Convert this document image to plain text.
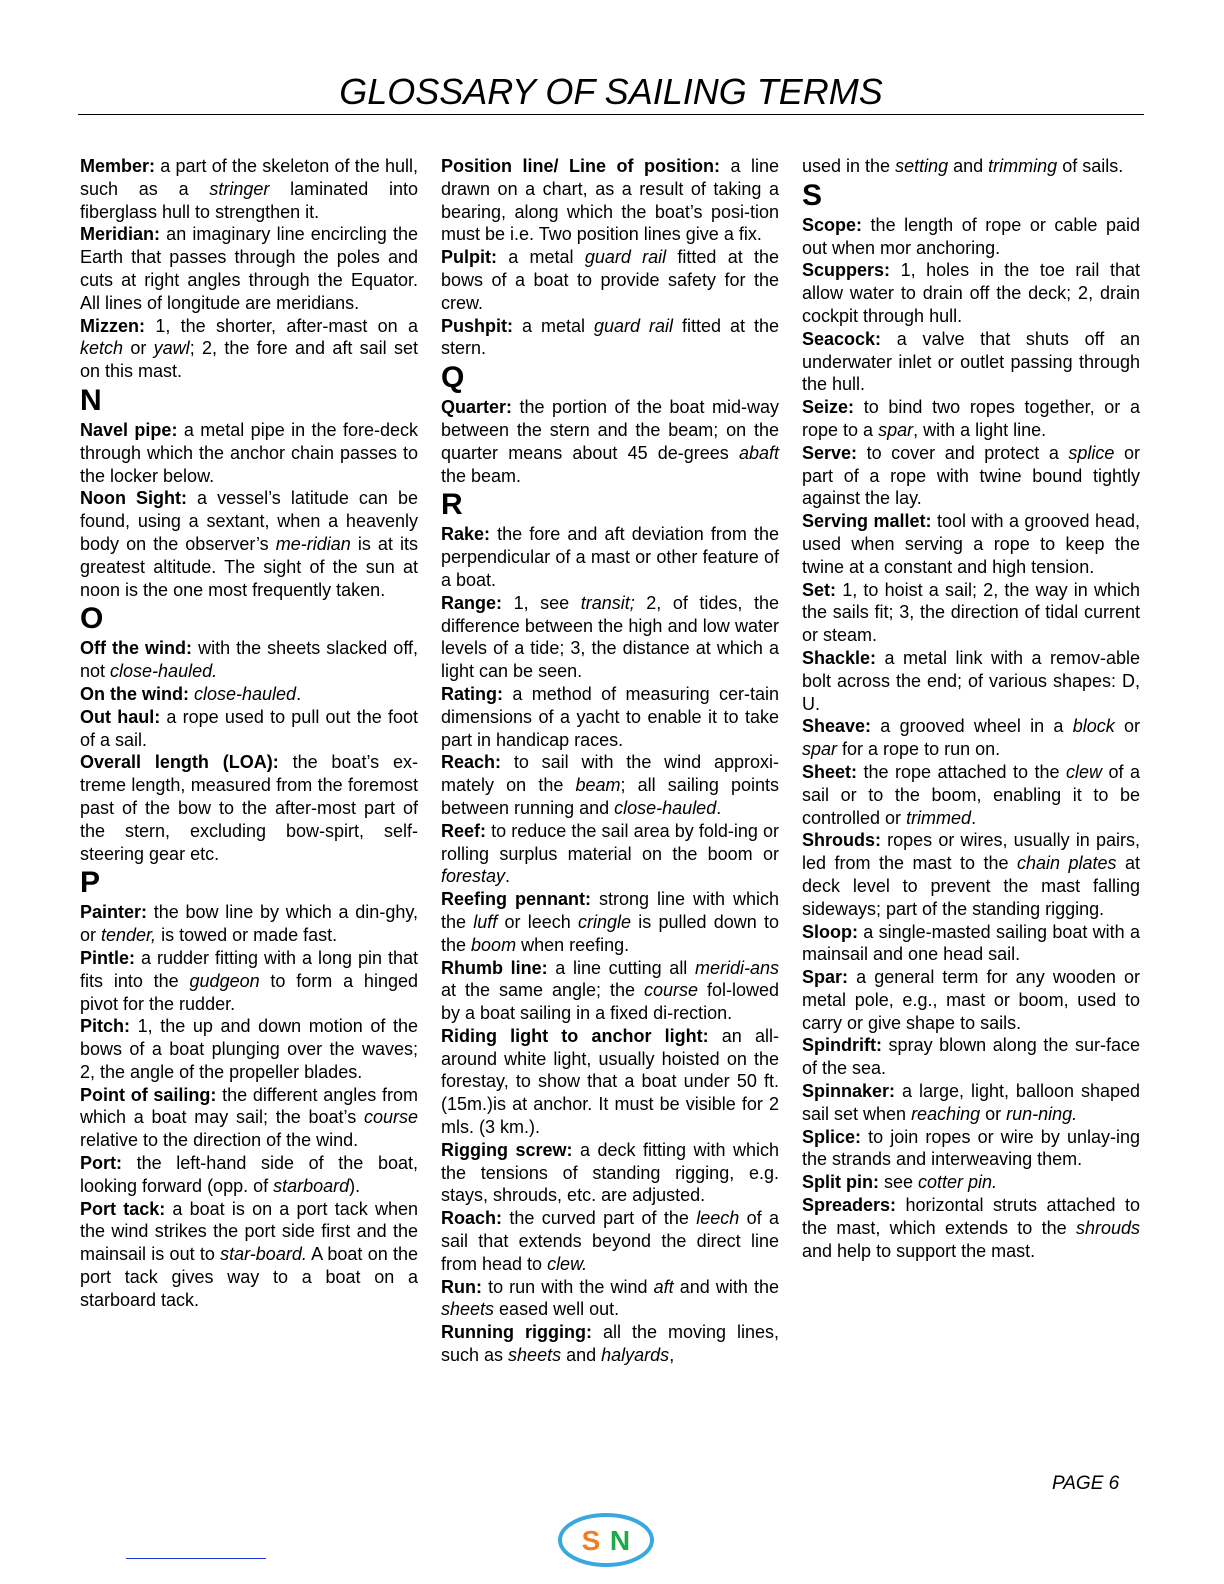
GLOSSARY OF SAILING TERMS

Member: a part of the skeleton of the hull, such as a stringer laminated into fiberglass hull to strengthen it.

Meridian: an imaginary line encircling the Earth that passes through the poles and cuts at right angles through the Equator. All lines of longitude are meridians.

Mizzen: 1, the shorter, after-mast on a ketch or yawl; 2, the fore and aft sail set on this mast.

N

Navel pipe: a metal pipe in the fore-deck through which the anchor chain passes to the locker below.

Noon Sight: a vessel’s latitude can be found, using a sextant, when a heavenly body on the observer’s me-ridian is at its greatest altitude. The sight of the sun at noon is the one most frequently taken.

O

Off the wind: with the sheets slacked off, not close-hauled.

On the wind: close-hauled.

Out haul: a rope used to pull out the foot of a sail.

Overall length (LOA): the boat’s ex-treme length, measured from the foremost past of the bow to the after-most part of the stern, excluding bow-spirt, self-steering gear etc.

P

Painter: the bow line by which a din-ghy, or tender, is towed or made fast.

Pintle: a rudder fitting with a long pin that fits into the gudgeon to form a hinged pivot for the rudder.

Pitch: 1, the up and down motion of the bows of a boat plunging over the waves; 2, the angle of the propeller blades.

Point of sailing: the different angles from which a boat may sail; the boat’s course relative to the direction of the wind.

Port: the left-hand side of the boat, looking forward (opp. of starboard).

Port tack: a boat is on a port tack when the wind strikes the port side first and the mainsail is out to star-board. A boat on the port tack gives way to a boat on a starboard tack.

Position line/ Line of position: a line drawn on a chart, as a result of taking a bearing, along which the boat’s posi-tion must be i.e. Two position lines give a fix.

Pulpit: a metal guard rail fitted at the bows of a boat to provide safety for the crew.

Pushpit: a metal guard rail fitted at the stern.

Q

Quarter: the portion of the boat mid-way between the stern and the beam; on the quarter means about 45 de-grees abaft the beam.

R

Rake: the fore and aft deviation from the perpendicular of a mast or other feature of a boat.

Range: 1, see transit; 2, of tides, the difference between the high and low water levels of a tide; 3, the distance at which a light can be seen.

Rating: a method of measuring cer-tain dimensions of a yacht to enable it to take part in handicap races.

Reach: to sail with the wind approxi-mately on the beam; all sailing points between running and close-hauled.

Reef: to reduce the sail area by fold-ing or rolling surplus material on the boom or forestay.

Reefing pennant: strong line with which the luff or leech cringle is pulled down to the boom when reefing.

Rhumb line: a line cutting all meridi-ans at the same angle; the course fol-lowed by a boat sailing in a fixed di-rection.

Riding light to anchor light: an all-around white light, usually hoisted on the forestay, to show that a boat under 50 ft. (15m.)is at anchor. It must be visible for 2 mls. (3 km.).

Rigging screw: a deck fitting with which the tensions of standing rigging, e.g. stays, shrouds, etc. are adjusted.

Roach: the curved part of the leech of a sail that extends beyond the direct line from head to clew.

Run: to run with the wind aft and with the sheets eased well out.

Running rigging: all the moving lines, such as sheets and halyards,

used in the setting and trimming of sails.

S

Scope: the length of rope or cable paid out when mor anchoring.

Scuppers: 1, holes in the toe rail that allow water to drain off the deck; 2, drain cockpit through hull.

Seacock: a valve that shuts off an underwater inlet or outlet passing through the hull.

Seize: to bind two ropes together, or a rope to a spar, with a light line.

Serve: to cover and protect a splice or part of a rope with twine bound tightly against the lay.

Serving mallet: tool with a grooved head, used when serving a rope to keep the twine at a constant and high tension.

Set: 1, to hoist a sail; 2, the way in which the sails fit; 3, the direction of tidal current or steam.

Shackle: a metal link with a remov-able bolt across the end; of various shapes: D, U.

Sheave: a grooved wheel in a block or spar for a rope to run on.

Sheet: the rope attached to the clew of a sail or to the boom, enabling it to be controlled or trimmed.

Shrouds: ropes or wires, usually in pairs, led from the mast to the chain plates at deck level to prevent the mast falling sideways; part of the standing rigging.

Sloop: a single-masted sailing boat with a mainsail and one head sail.

Spar: a general term for any wooden or metal pole, e.g., mast or boom, used to carry or give shape to sails.

Spindrift: spray blown along the sur-face of the sea.

Spinnaker: a large, light, balloon shaped sail set when reaching or run-ning.

Splice: to join ropes or wire by unlay-ing the strands and interweaving them.

Split pin: see cotter pin.

Spreaders: horizontal struts attached to the mast, which extends to the shrouds and help to support the mast.

PAGE 6
S N
